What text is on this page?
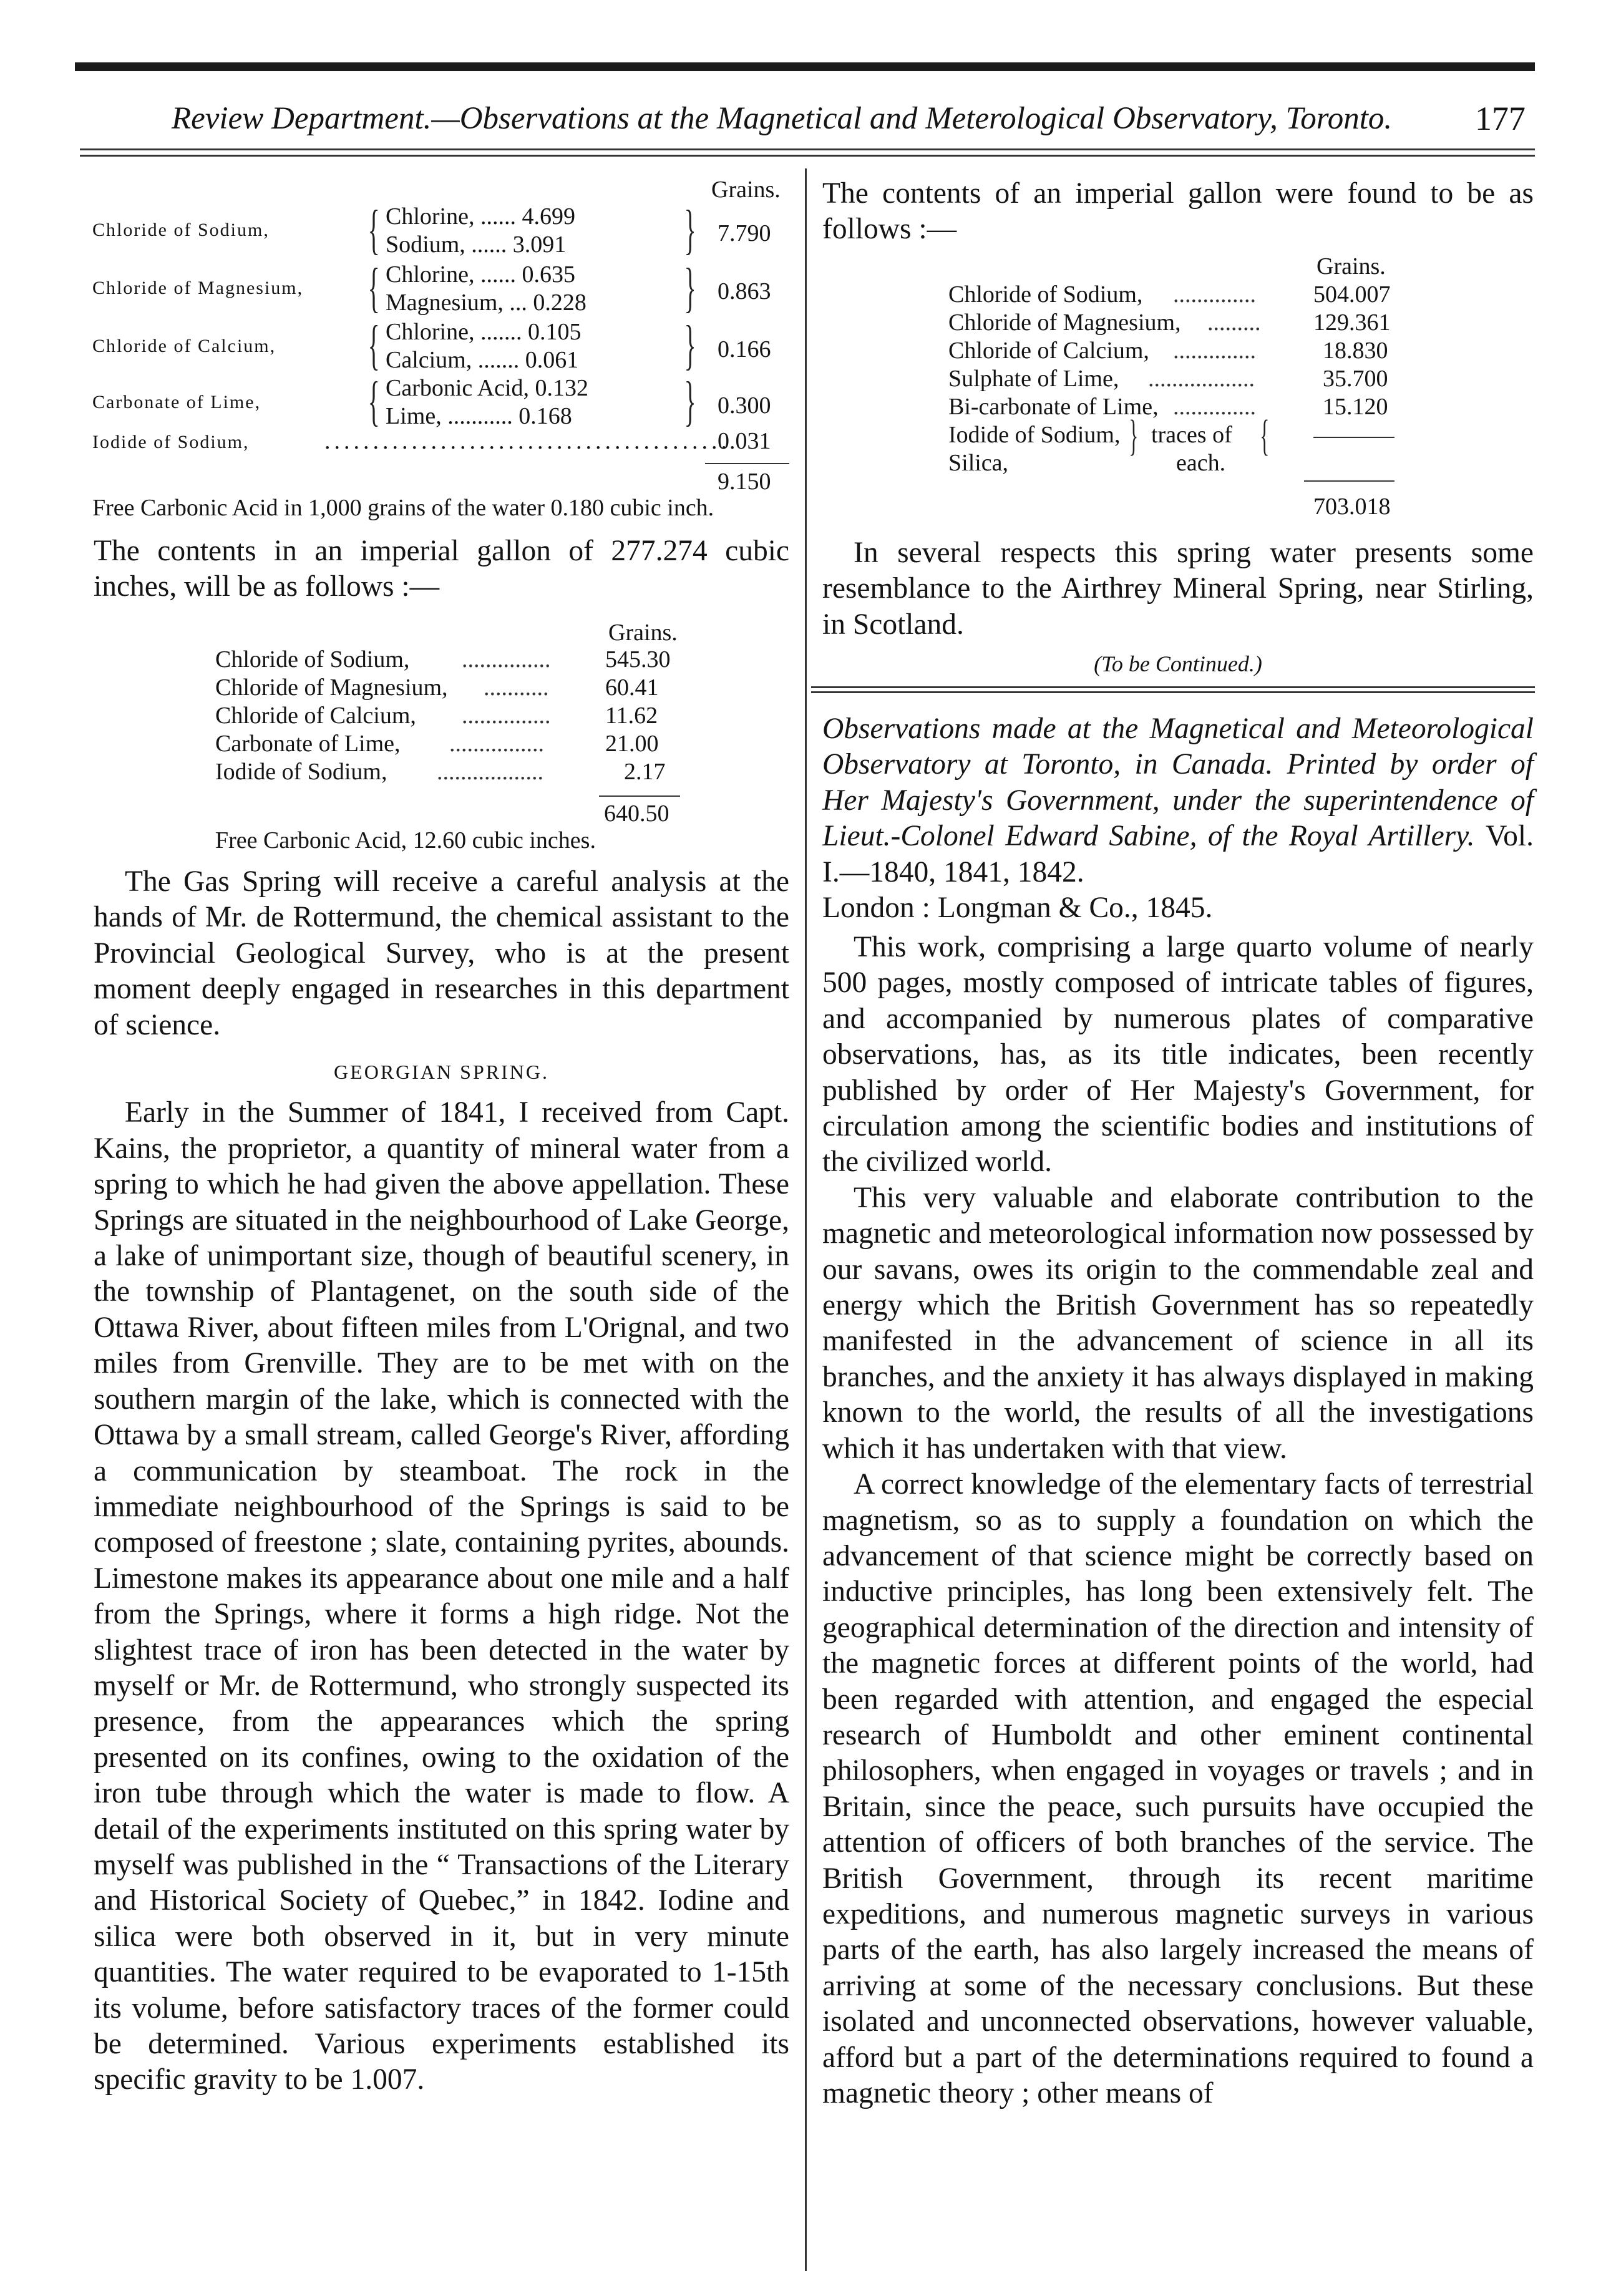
Review Department.—Observations at the Magnetical and Meterological Observatory, Toronto. 177
Grains.
Chloride of Sodium, { Chlorine, ...... 4.699
Sodium, ...... 3.091 } 7.790
Chloride of Magnesium, { Chlorine, ...... 0.635
Magnesium, ... 0.228 } 0.863
Chloride of Calcium, { Chlorine, ....... 0.105
Calcium, ....... 0.061 } 0.166
Carbonate of Lime, { Carbonic Acid, 0.132
Lime, ........... 0.168 } 0.300
Iodide of Sodium,	..........................................
0.031
9.150
Free Carbonic Acid in 1,000 grains of the water 0.180 cubic inch.

The contents in an imperial gallon of 277.274 cubic inches, will be as follows :—

Grains.
Chloride of Sodium,	545.30
Chloride of Magnesium,	60.41
Chloride of Calcium,	11.62
Carbonate of Lime,	21.00
Iodide of Sodium,	2.17
...............
...........
...............
................
..................
640.50
Free Carbonic Acid, 12.60 cubic inches.

The Gas Spring will receive a careful analysis at the hands of Mr. de Rottermund, the chemical assistant to the Provincial Geological Survey, who is at the present moment deeply engaged in researches in this department of science.

GEORGIAN SPRING.

Early in the Summer of 1841, I received from Capt. Kains, the proprietor, a quantity of mineral water from a spring to which he had given the above appellation. These Springs are situated in the neighbourhood of Lake George, a lake of unimportant size, though of beautiful scenery, in the township of Plantagenet, on the south side of the Ottawa River, about fifteen miles from L'Orignal, and two miles from Grenville. They are to be met with on the southern margin of the lake, which is connected with the Ottawa by a small stream, called George's River, affording a communication by steamboat. The rock in the immediate neighbourhood of the Springs is said to be composed of freestone ; slate, containing pyrites, abounds. Limestone makes its appearance about one mile and a half from the Springs, where it forms a high ridge. Not the slightest trace of iron has been detected in the water by myself or Mr. de Rottermund, who strongly suspected its presence, from the appearances which the spring presented on its confines, owing to the oxidation of the iron tube through which the water is made to flow. A detail of the experiments instituted on this spring water by myself was published in the “ Transactions of the Literary and Historical Society of Quebec,” in 1842. Iodine and silica were both observed in it, but in very minute quantities. The water required to be evaporated to 1-15th its volume, before satisfactory traces of the former could be determined. Various experiments established its specific gravity to be 1.007.

The contents of an imperial gallon were found to be as follows :—

Grains.
Chloride of Sodium,	504.007
Chloride of Magnesium,	129.361
Chloride of Calcium,	18.830
Sulphate of Lime,	35.700
Bi-carbonate of Lime,	15.120
..............
.........
..............
..................
..............
Iodide of Sodium,
Silica,
} traces of
each.
{
703.018

In several respects this spring water presents some resemblance to the Airthrey Mineral Spring, near Stirling, in Scotland.

(To be Continued.)

Observations made at the Magnetical and Meteorological Observatory at Toronto, in Canada. Printed by order of Her Majesty's Government, under the superintendence of Lieut.-Colonel Edward Sabine, of the Royal Artillery. Vol. I.—1840, 1841, 1842.
London : Longman & Co., 1845.

This work, comprising a large quarto volume of nearly 500 pages, mostly composed of intricate tables of figures, and accompanied by numerous plates of comparative observations, has, as its title indicates, been recently published by order of Her Majesty's Government, for circulation among the scientific bodies and institutions of the civilized world.

This very valuable and elaborate contribution to the magnetic and meteorological information now possessed by our savans, owes its origin to the commendable zeal and energy which the British Government has so repeatedly manifested in the advancement of science in all its branches, and the anxiety it has always displayed in making known to the world, the results of all the investigations which it has undertaken with that view.

A correct knowledge of the elementary facts of terrestrial magnetism, so as to supply a foundation on which the advancement of that science might be correctly based on inductive principles, has long been extensively felt. The geographical determination of the direction and intensity of the magnetic forces at different points of the world, had been regarded with attention, and engaged the especial research of Humboldt and other eminent continental philosophers, when engaged in voyages or travels ; and in Britain, since the peace, such pursuits have occupied the attention of officers of both branches of the service. The British Government, through its recent maritime expeditions, and numerous magnetic surveys in various parts of the earth, has also largely increased the means of arriving at some of the necessary conclusions. But these isolated and unconnected observations, however valuable, afford but a part of the determinations required to found a magnetic theory ; other means of
